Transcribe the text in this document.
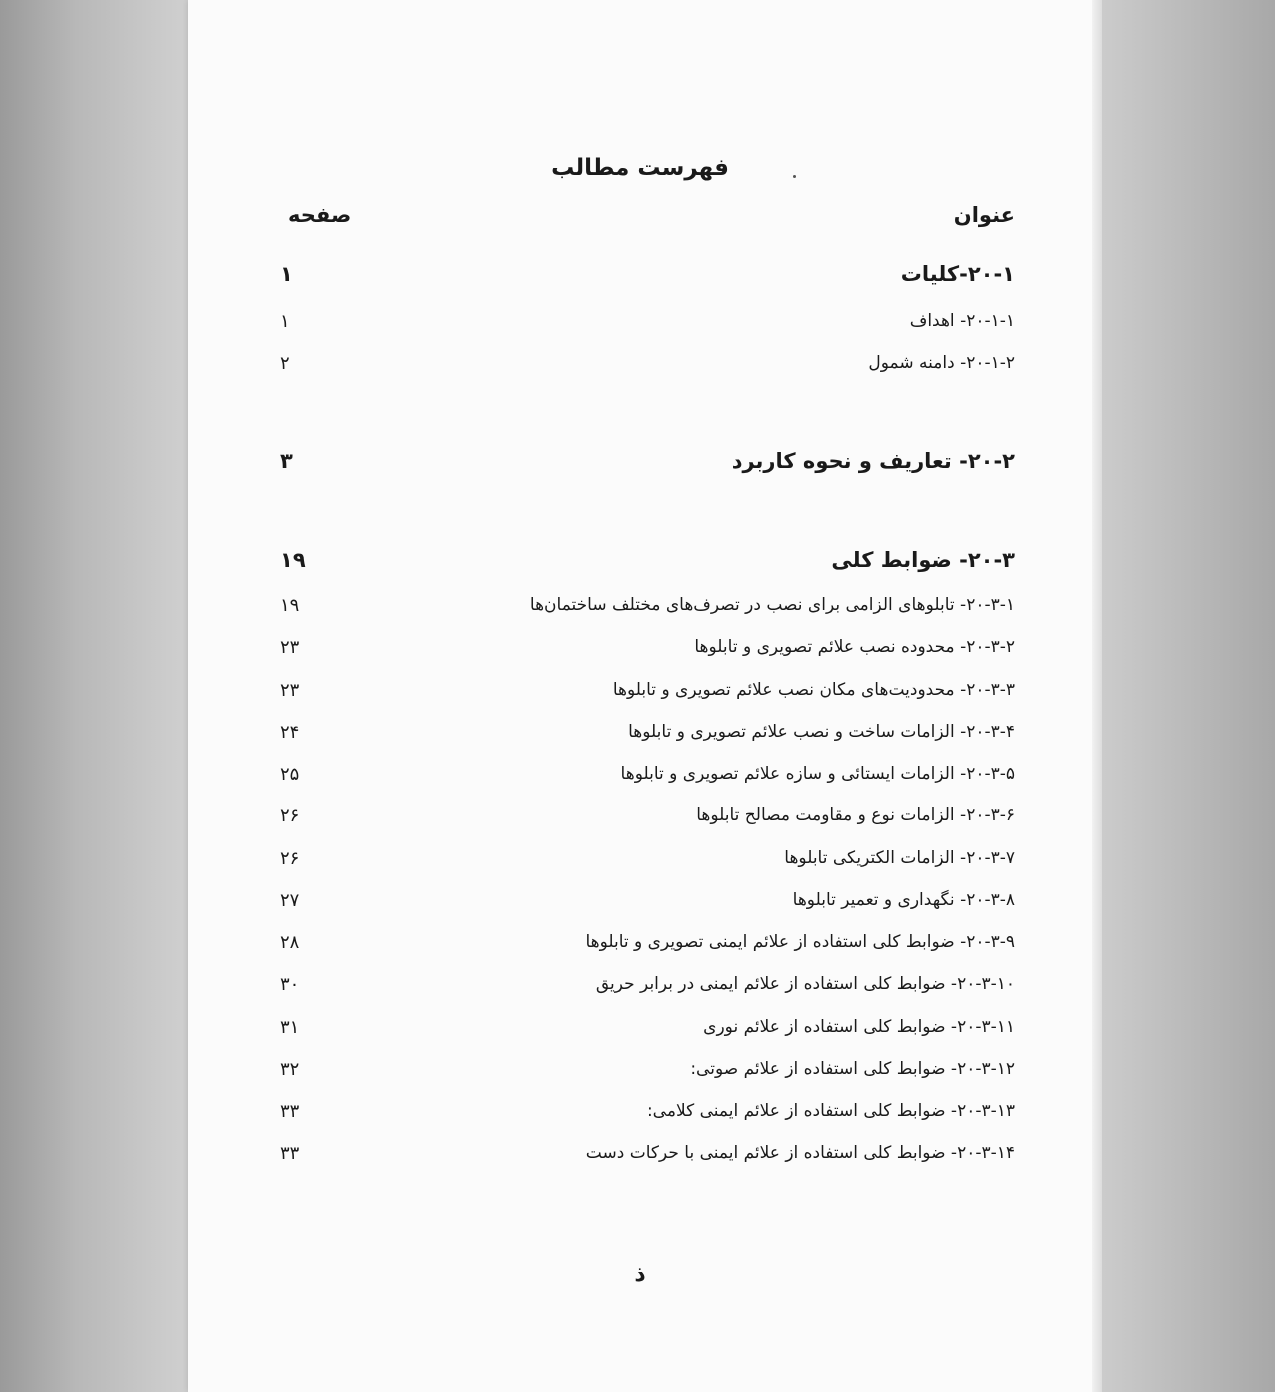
فهرست مطالب
عنوان
صفحه
۲۰-۱-کلیات
۱
۲۰-۱-۱- اهداف
۱
۲۰-۱-۲- دامنه شمول
۲
۲۰-۲- تعاریف و نحوه کاربرد
۳
۲۰-۳- ضوابط کلی
۱۹
۲۰-۳-۱- تابلوهای الزامی برای نصب در تصرف‌های مختلف ساختمان‌ها
۱۹
۲۰-۳-۲- محدوده نصب علائم تصویری و تابلوها
۲۳
۲۰-۳-۳- محدودیت‌های مکان نصب علائم تصویری و تابلوها
۲۳
۲۰-۳-۴- الزامات ساخت و نصب علائم تصویری و تابلوها
۲۴
۲۰-۳-۵- الزامات ایستائی و سازه علائم تصویری و تابلوها
۲۵
۲۰-۳-۶- الزامات نوع و مقاومت مصالح تابلوها
۲۶
۲۰-۳-۷- الزامات الکتریکی تابلوها
۲۶
۲۰-۳-۸- نگهداری و تعمیر تابلوها
۲۷
۲۰-۳-۹- ضوابط کلی استفاده از علائم ایمنی تصویری و تابلوها
۲۸
۲۰-۳-۱۰- ضوابط کلی استفاده از علائم ایمنی در برابر حریق
۳۰
۲۰-۳-۱۱- ضوابط کلی استفاده از علائم نوری
۳۱
۲۰-۳-۱۲- ضوابط کلی استفاده از علائم صوتی:
۳۲
۲۰-۳-۱۳- ضوابط کلی استفاده از علائم ایمنی کلامی:
۳۳
۲۰-۳-۱۴- ضوابط کلی استفاده از علائم ایمنی با حرکات دست
۳۳
ذ
